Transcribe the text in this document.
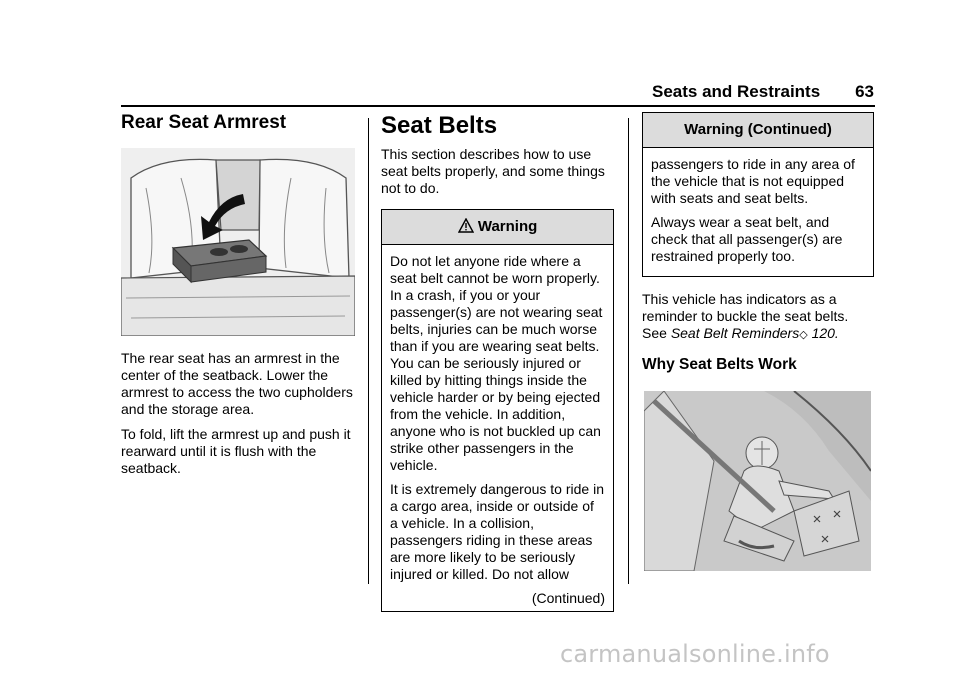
Seats and Restraints 63
Rear Seat Armrest

The rear seat has an armrest in the center of the seatback. Lower the armrest to access the two cupholders and the storage area.

To fold, lift the armrest up and push it rearward until it is flush with the seatback.

Seat Belts

This section describes how to use seat belts properly, and some things not to do.

Warning

Do not let anyone ride where a seat belt cannot be worn properly. In a crash, if you or your passenger(s) are not wearing seat belts, injuries can be much worse than if you are wearing seat belts. You can be seriously injured or killed by hitting things inside the vehicle harder or by being ejected from the vehicle. In addition, anyone who is not buckled up can strike other passengers in the vehicle.

It is extremely dangerous to ride in a cargo area, inside or outside of a vehicle. In a collision, passengers riding in these areas are more likely to be seriously injured or killed. Do not allow

(Continued)

Warning (Continued)

passengers to ride in any area of the vehicle that is not equipped with seats and seat belts.

Always wear a seat belt, and check that all passenger(s) are restrained properly too.

This vehicle has indicators as a reminder to buckle the seat belts. See Seat Belt Reminders◇ 120.

Why Seat Belts Work
carmanualsonline.info
